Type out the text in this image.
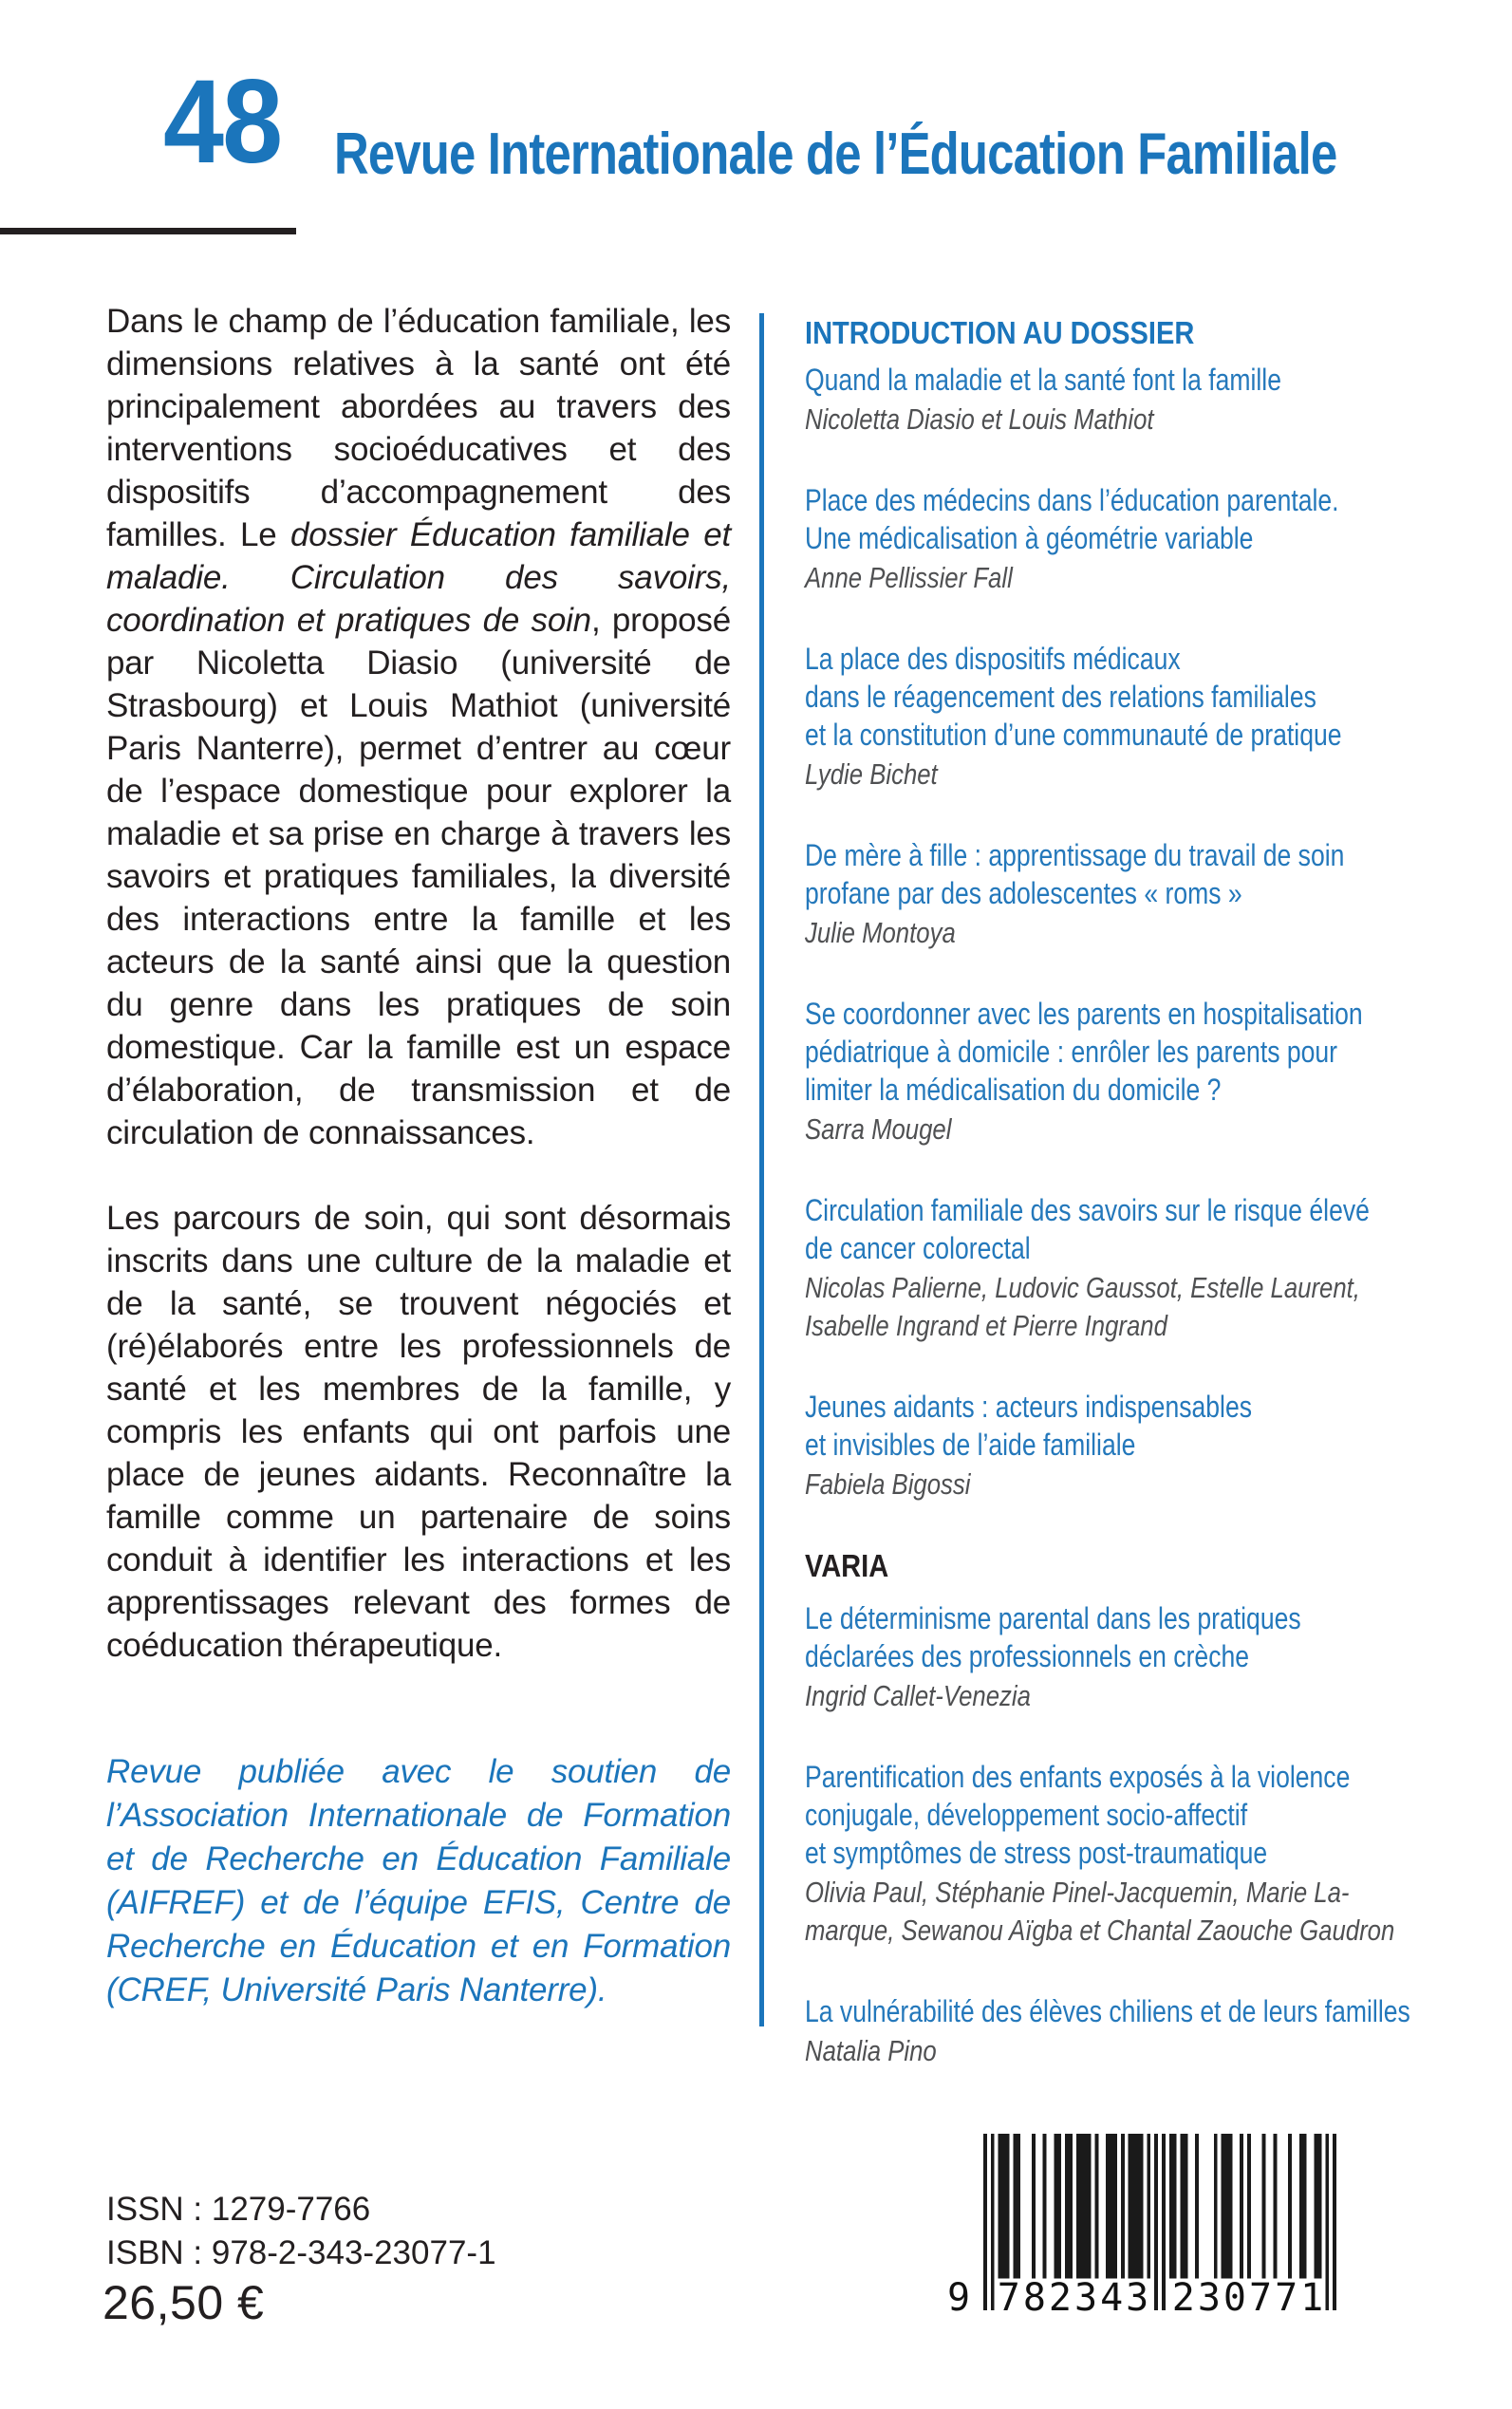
48 Revue Internationale de l’Éducation Familiale

Dans le champ de l’éducation familiale, les dimensions relatives à la santé ont été principalement abordées au travers des interventions socioéducatives et des dispositifs d’accompagnement des familles. Le dossier Éducation familiale et maladie. Circulation des savoirs, coordination et pratiques de soin, proposé par Nicoletta Diasio (université de Strasbourg) et Louis Mathiot (université Paris Nanterre), permet d’entrer au cœur de l’espace domestique pour explorer la maladie et sa prise en charge à travers les savoirs et pratiques familiales, la diversité des interactions entre la famille et les acteurs de la santé ainsi que la question du genre dans les pratiques de soin domestique. Car la famille est un espace d’élaboration, de transmission et de circulation de connaissances.

Les parcours de soin, qui sont désormais inscrits dans une culture de la maladie et de la santé, se trouvent négociés et (ré)élaborés entre les professionnels de santé et les membres de la famille, y compris les enfants qui ont parfois une place de jeunes aidants. Reconnaître la famille comme un partenaire de soins conduit à identifier les interactions et les apprentissages relevant des formes de coéducation thérapeutique.

Revue publiée avec le soutien de l’Association Internationale de Formation et de Recherche en Éducation Familiale (AIFREF) et de l’équipe EFIS, Centre de Recherche en Éducation et en Formation (CREF, Université Paris Nanterre).

INTRODUCTION AU DOSSIER
Quand la maladie et la santé font la famille
Nicoletta Diasio et Louis Mathiot
Place des médecins dans l’éducation parentale.
Une médicalisation à géométrie variable
Anne Pellissier Fall
La place des dispositifs médicaux
dans le réagencement des relations familiales
et la constitution d’une communauté de pratique
Lydie Bichet
De mère à fille : apprentissage du travail de soin
profane par des adolescentes « roms »
Julie Montoya
Se coordonner avec les parents en hospitalisation
pédiatrique à domicile : enrôler les parents pour
limiter la médicalisation du domicile ?
Sarra Mougel
Circulation familiale des savoirs sur le risque élevé
de cancer colorectal
Nicolas Palierne, Ludovic Gaussot, Estelle Laurent,
Isabelle Ingrand et Pierre Ingrand
Jeunes aidants : acteurs indispensables
et invisibles de l’aide familiale
Fabiela Bigossi
VARIA
Le déterminisme parental dans les pratiques
déclarées des professionnels en crèche
Ingrid Callet-Venezia
Parentification des enfants exposés à la violence
conjugale, développement socio-affectif
et symptômes de stress post-traumatique
Olivia Paul, Stéphanie Pinel-Jacquemin, Marie La-
marque, Sewanou Aïgba et Chantal Zaouche Gaudron
La vulnérabilité des élèves chiliens et de leurs familles
Natalia Pino
ISSN : 1279-7766
ISBN : 978-2-343-23077-1
26,50 €	9 782343 230771
